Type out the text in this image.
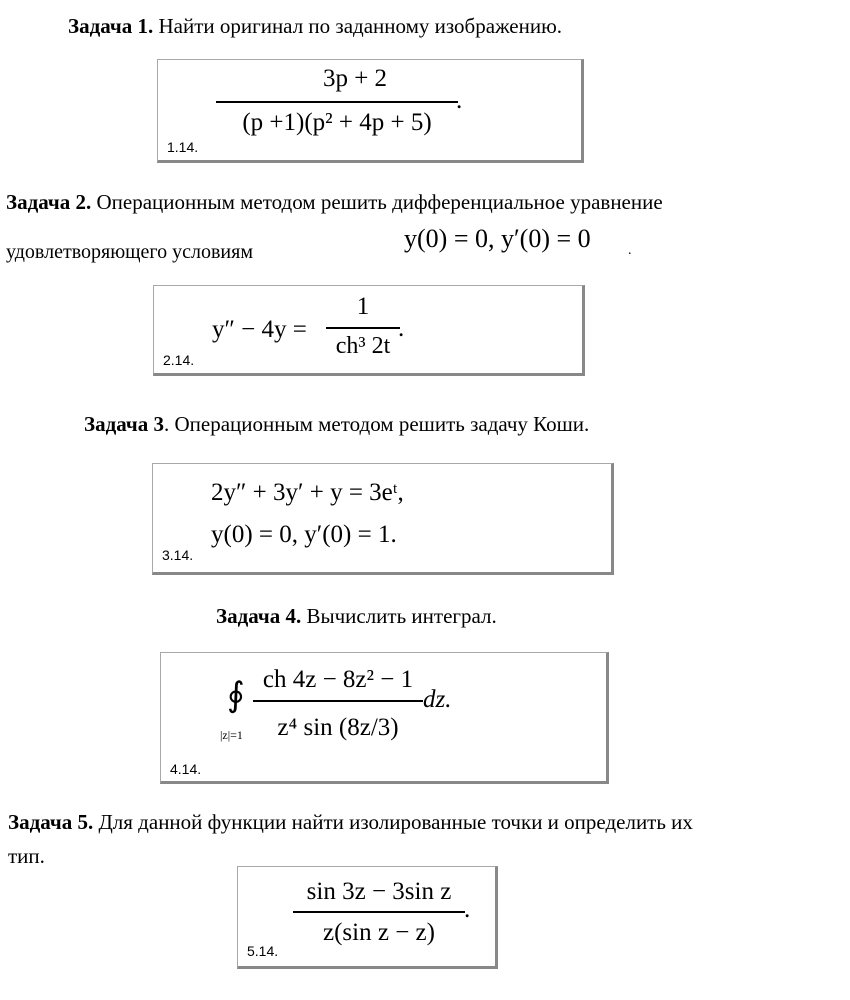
Задача 1. Найти оригинал по заданному изображению.
1.14.
3p + 2
(p +1)(p² + 4p + 5)
.
Задача 2. Операционным методом решить дифференциальное уравнение
удовлетворяющего условиям	y(0) = 0, y′(0) = 0	.
2.14.
y″ − 4y =
1
ch³ 2t
.
Задача 3. Операционным методом решить задачу Коши.
3.14.
2y″ + 3y′ + y = 3eᵗ,
y(0) = 0, y′(0) = 1.
Задача 4. Вычислить интеграл.
4.14.
∮
|z|=1
ch 4z − 8z² − 1
z⁴ sin (8z/3)
dz.
Задача 5. Для данной функции найти изолированные точки и определить их
тип.
5.14.
sin 3z − 3sin z
z(sin z − z)
.
